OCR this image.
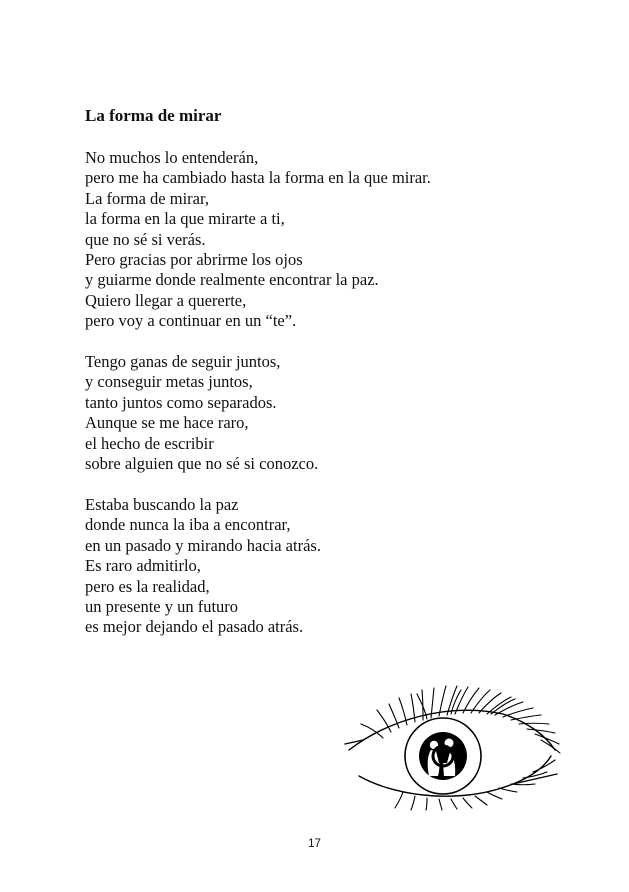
La forma de mirar

No muchos lo entenderán,
pero me ha cambiado hasta la forma en la que mirar.
La forma de mirar,
la forma en la que mirarte a ti,
que no sé si verás.
Pero gracias por abrirme los ojos
y guiarme donde realmente encontrar la paz.
Quiero llegar a quererte,
pero voy a continuar en un “te”.

Tengo ganas de seguir juntos,
y conseguir metas juntos,
tanto juntos como separados.
Aunque se me hace raro,
el hecho de escribir
sobre alguien que no sé si conozco.

Estaba buscando la paz
donde nunca la iba a encontrar,
en un pasado y mirando hacia atrás.
Es raro admitirlo,
pero es la realidad,
un presente y un futuro
es mejor dejando el pasado atrás.

17
